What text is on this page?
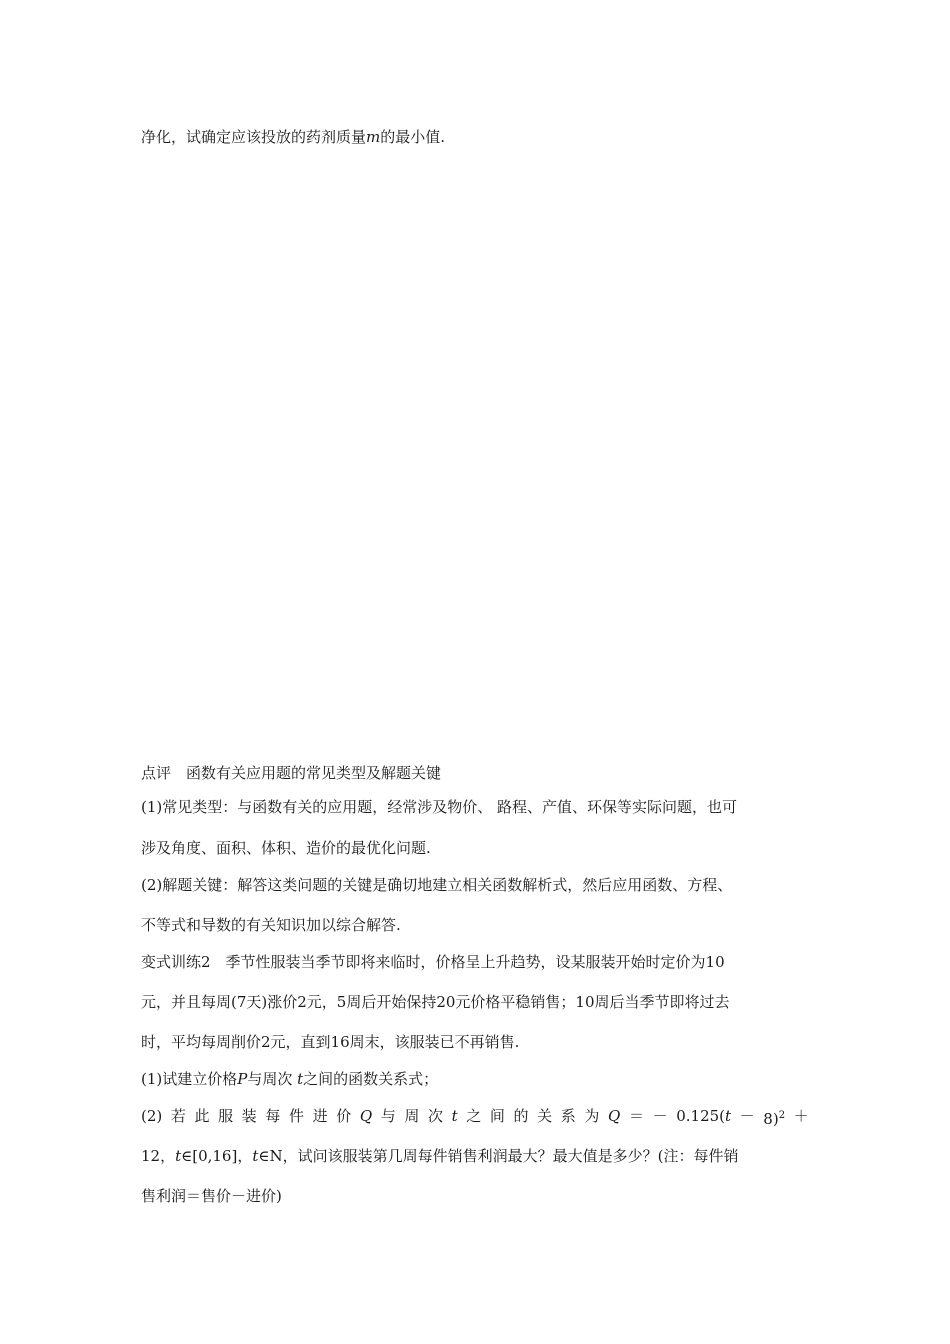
净化，试确定应该投放的药剂质量m的最小值.
点评　函数有关应用题的常见类型及解题关键
(1)常见类型：与函数有关的应用题，经常涉及物价、 路程、产值、环保等实际问题，也可
涉及角度、面积、体积、造价的最优化问题.
(2)解题关键：解答这类问题的关键是确切地建立相关函数解析式，然后应用函数、方程、
不等式和导数的有关知识加以综合解答.
变式训练2　季节性服装当季节即将来临时，价格呈上升趋势，设某服装开始时定价为10
元，并且每周(7天)涨价2元，5周后开始保持20元价格平稳销售；10周后当季节即将过去
时，平均每周削价2元，直到16周末，该服装已不再销售.
(1)试建立价格P与周次 t之间的函数关系式；
(2) 若 此 服 装 每 件 进 价 Q 与 周 次 t 之 间 的 关 系 为 Q ＝ － $0.125(t - 8)^2$ ＋
12，t∈[0,16]，t∈N，试问该服装第几周每件销售利润最大？最大值是多少？(注：每件销
售利润＝售价－进价)
